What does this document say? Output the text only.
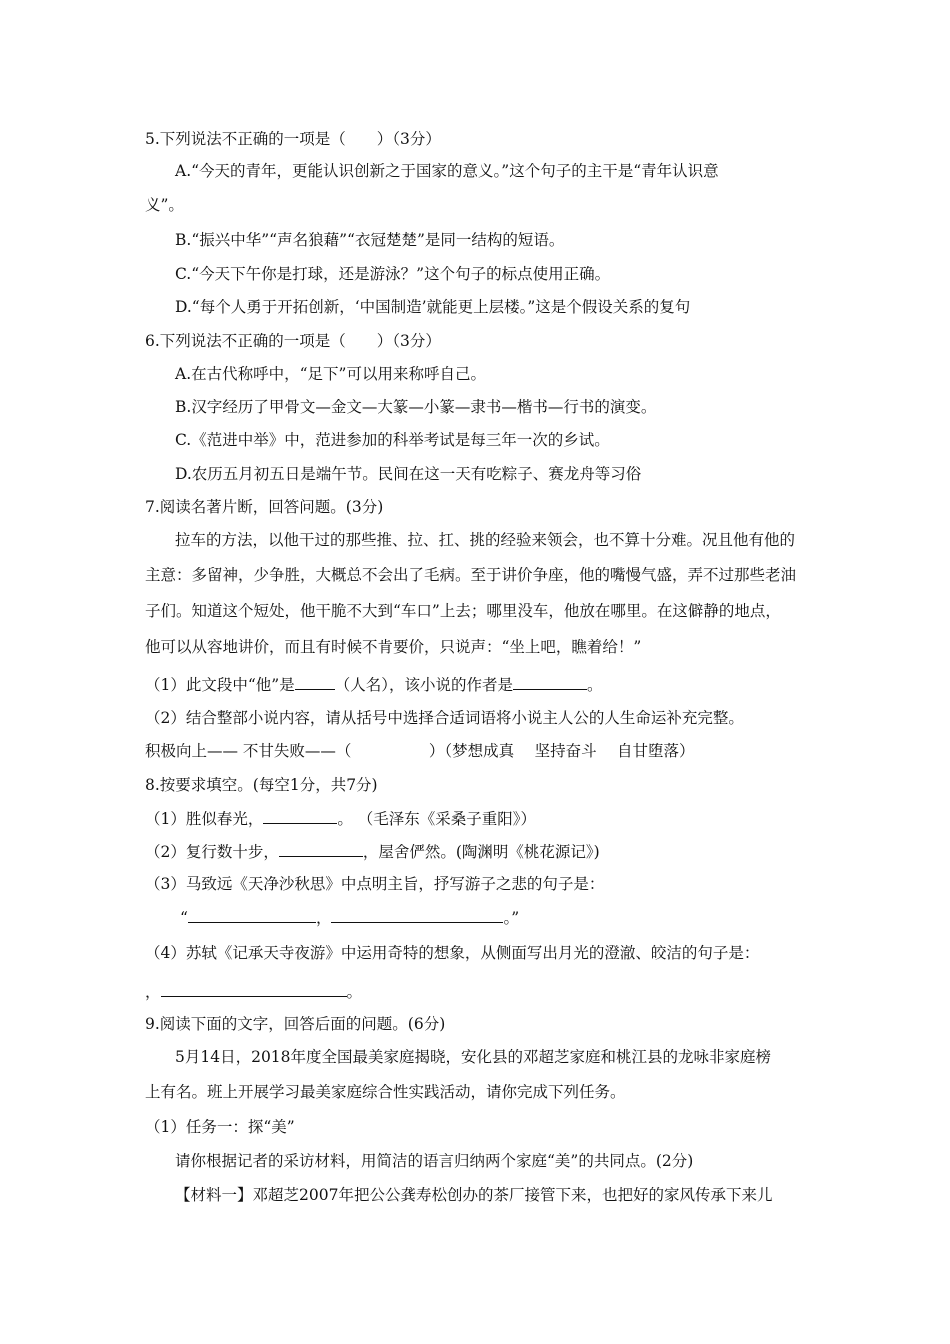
5.下列说法不正确的一项是（　　）（3分）
A.“今天的青年，更能认识创新之于国家的意义。”这个句子的主干是“青年认识意
义”。
B.“振兴中华”“声名狼藉”“衣冠楚楚”是同一结构的短语。
C.“今天下午你是打球，还是游泳？”这个句子的标点使用正确。
D.“每个人勇于开拓创新，‘中国制造’就能更上层楼。”这是个假设关系的复句
6.下列说法不正确的一项是（　　）（3分）
A.在古代称呼中，“足下”可以用来称呼自己。
B.汉字经历了甲骨文—金文—大篆—小篆—隶书—楷书—行书的演变。
C.《范进中举》中，范进参加的科举考试是每三年一次的乡试。
D.农历五月初五日是端午节。民间在这一天有吃粽子、赛龙舟等习俗
7.阅读名著片断，回答问题。(3分)
拉车的方法，以他干过的那些推、拉、扛、挑的经验来领会，也不算十分难。况且他有他的
主意：多留神，少争胜，大概总不会出了毛病。至于讲价争座，他的嘴慢气盛，弄不过那些老油
子们。知道这个短处，他干脆不大到“车口”上去；哪里没车，他放在哪里。在这僻静的地点，
他可以从容地讲价，而且有时候不肯要价，只说声：“坐上吧，瞧着给！”
（1）此文段中“他”是	（人名），该小说的作者是	。
（2）结合整部小说内容，请从括号中选择合适词语将小说主人公的人生命运补充完整。
积极向上—— 不甘失败——（　　　　　）（梦想成真　 坚持奋斗　 自甘堕落）
8.按要求填空。(每空1分，共7分)
（1）胜似春光，	。 （毛泽东《采桑子重阳》）
（2）复行数十步，	，屋舍俨然。(陶渊明《桃花源记》)
（3）马致远《天净沙秋思》中点明主旨，抒写游子之悲的句子是：
“	，	。”
（4）苏轼《记承天寺夜游》中运用奇特的想象，从侧面写出月光的澄澈、皎洁的句子是：
，	。
9.阅读下面的文字，回答后面的问题。(6分)
5月14日，2018年度全国最美家庭揭晓，安化县的邓超芝家庭和桃江县的龙咏非家庭榜
上有名。班上开展学习最美家庭综合性实践活动，请你完成下列任务。
（1）任务一：探“美”
请你根据记者的采访材料，用简洁的语言归纳两个家庭“美”的共同点。(2分)
【材料一】邓超芝2007年把公公龚寿松创办的茶厂接管下来，也把好的家风传承下来儿
